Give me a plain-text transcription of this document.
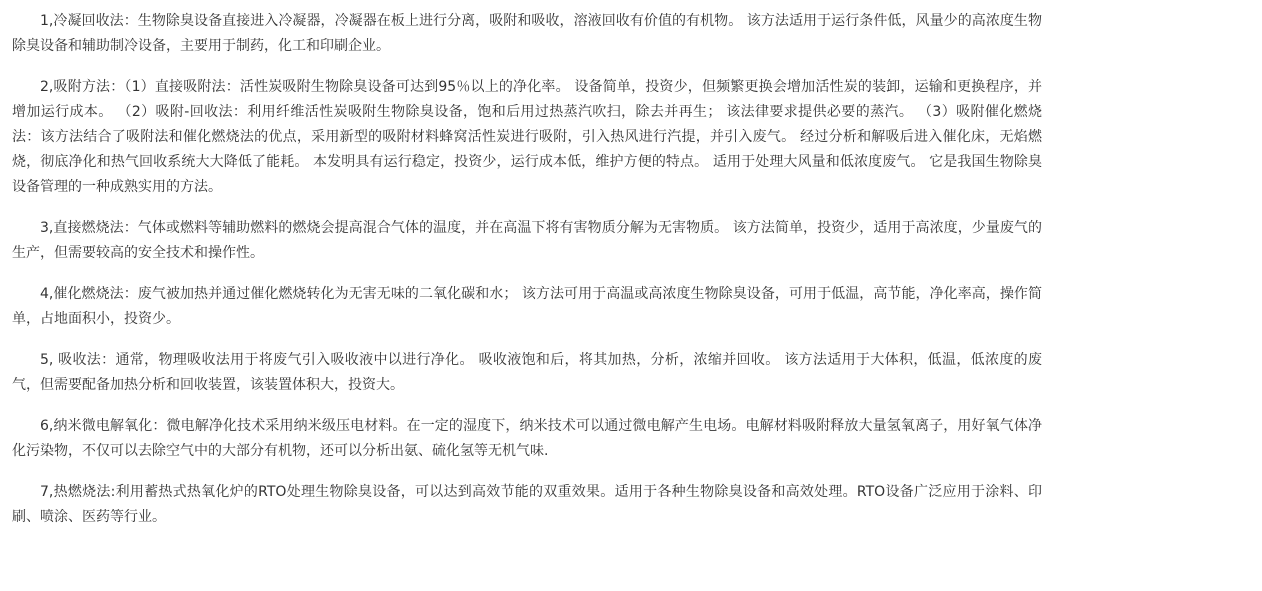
1,冷凝回收法：生物除臭设备直接进入冷凝器，冷凝器在板上进行分离，吸附和吸收，溶液回收有价值的有机物。 该方法适用于运行条件低，风量少的高浓度生物除臭设备和辅助制冷设备，主要用于制药，化工和印刷企业。

2,吸附方法：（1）直接吸附法：活性炭吸附生物除臭设备可达到95％以上的净化率。 设备简单，投资少，但频繁更换会增加活性炭的装卸，运输和更换程序，并增加运行成本。 （2）吸附-回收法：利用纤维活性炭吸附生物除臭设备，饱和后用过热蒸汽吹扫，除去并再生； 该法律要求提供必要的蒸汽。 （3）吸附催化燃烧法：该方法结合了吸附法和催化燃烧法的优点，采用新型的吸附材料蜂窝活性炭进行吸附，引入热风进行汽提，并引入废气。 经过分析和解吸后进入催化床，无焰燃烧，彻底净化和热气回收系统大大降低了能耗。 本发明具有运行稳定，投资少，运行成本低，维护方便的特点。 适用于处理大风量和低浓度废气。 它是我国生物除臭设备管理的一种成熟实用的方法。

3,直接燃烧法：气体或燃料等辅助燃料的燃烧会提高混合气体的温度，并在高温下将有害物质分解为无害物质。 该方法简单，投资少，适用于高浓度，少量废气的生产，但需要较高的安全技术和操作性。

4,催化燃烧法：废气被加热并通过催化燃烧转化为无害无味的二氧化碳和水； 该方法可用于高温或高浓度生物除臭设备，可用于低温，高节能，净化率高，操作简单，占地面积小，投资少。

5, 吸收法：通常，物理吸收法用于将废气引入吸收液中以进行净化。 吸收液饱和后，将其加热，分析，浓缩并回收。 该方法适用于大体积，低温，低浓度的废气，但需要配备加热分析和回收装置，该装置体积大，投资大。

6,纳米微电解氧化：微电解净化技术采用纳米级压电材料。在一定的湿度下，纳米技术可以通过微电解产生电场。电解材料吸附释放大量氢氧离子，用好氧气体净化污染物，不仅可以去除空气中的大部分有机物，还可以分析出氨、硫化氢等无机气味.

7,热燃烧法:利用蓄热式热氧化炉的RTO处理生物除臭设备，可以达到高效节能的双重效果。适用于各种生物除臭设备和高效处理。RTO设备广泛应用于涂料、印刷、喷涂、医药等行业。
